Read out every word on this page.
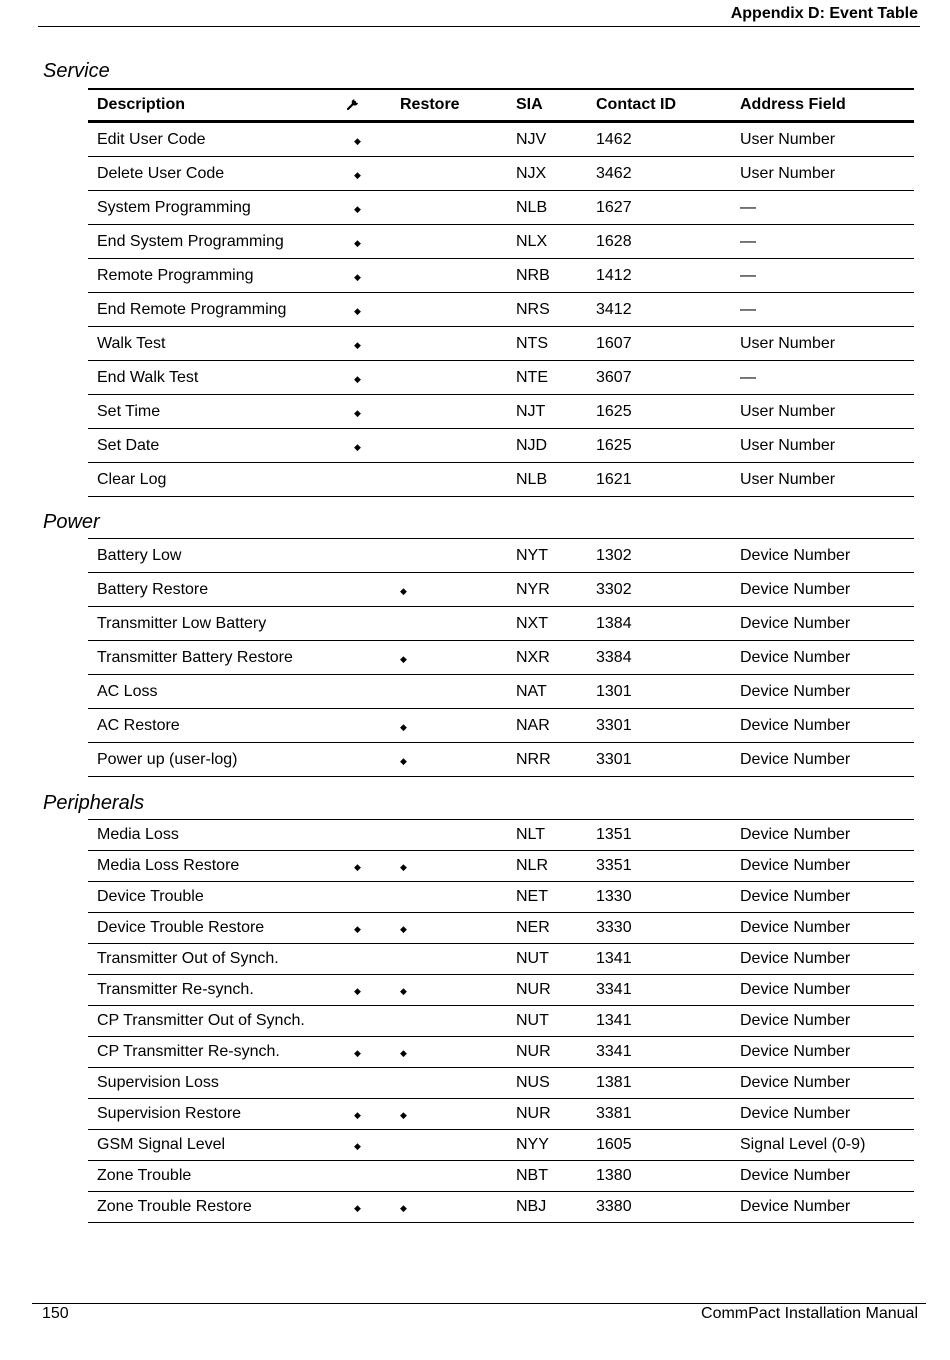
Appendix D: Event Table
Service
Description		Restore	SIA	Contact ID	Address Field
Edit User Code	◆		NJV	1462	User Number
Delete User Code	◆		NJX	3462	User Number
System Programming	◆		NLB	1627	—
End System Programming	◆		NLX	1628	—
Remote Programming	◆		NRB	1412	—
End Remote Programming	◆		NRS	3412	—
Walk Test	◆		NTS	1607	User Number
End Walk Test	◆		NTE	3607	—
Set Time	◆		NJT	1625	User Number
Set Date	◆		NJD	1625	User Number
Clear Log			NLB	1621	User Number
Power
Battery Low			NYT	1302	Device Number
Battery Restore		◆	NYR	3302	Device Number
Transmitter Low Battery			NXT	1384	Device Number
Transmitter Battery Restore		◆	NXR	3384	Device Number
AC Loss			NAT	1301	Device Number
AC Restore		◆	NAR	3301	Device Number
Power up (user-log)		◆	NRR	3301	Device Number
Peripherals
Media Loss			NLT	1351	Device Number
Media Loss Restore	◆	◆	NLR	3351	Device Number
Device Trouble			NET	1330	Device Number
Device Trouble Restore	◆	◆	NER	3330	Device Number
Transmitter Out of Synch.			NUT	1341	Device Number
Transmitter Re-synch.	◆	◆	NUR	3341	Device Number
CP Transmitter Out of Synch.			NUT	1341	Device Number
CP Transmitter Re-synch.	◆	◆	NUR	3341	Device Number
Supervision Loss			NUS	1381	Device Number
Supervision Restore	◆	◆	NUR	3381	Device Number
GSM Signal Level	◆		NYY	1605	Signal Level (0-9)
Zone Trouble			NBT	1380	Device Number
Zone Trouble Restore	◆	◆	NBJ	3380	Device Number
150	CommPact Installation Manual
